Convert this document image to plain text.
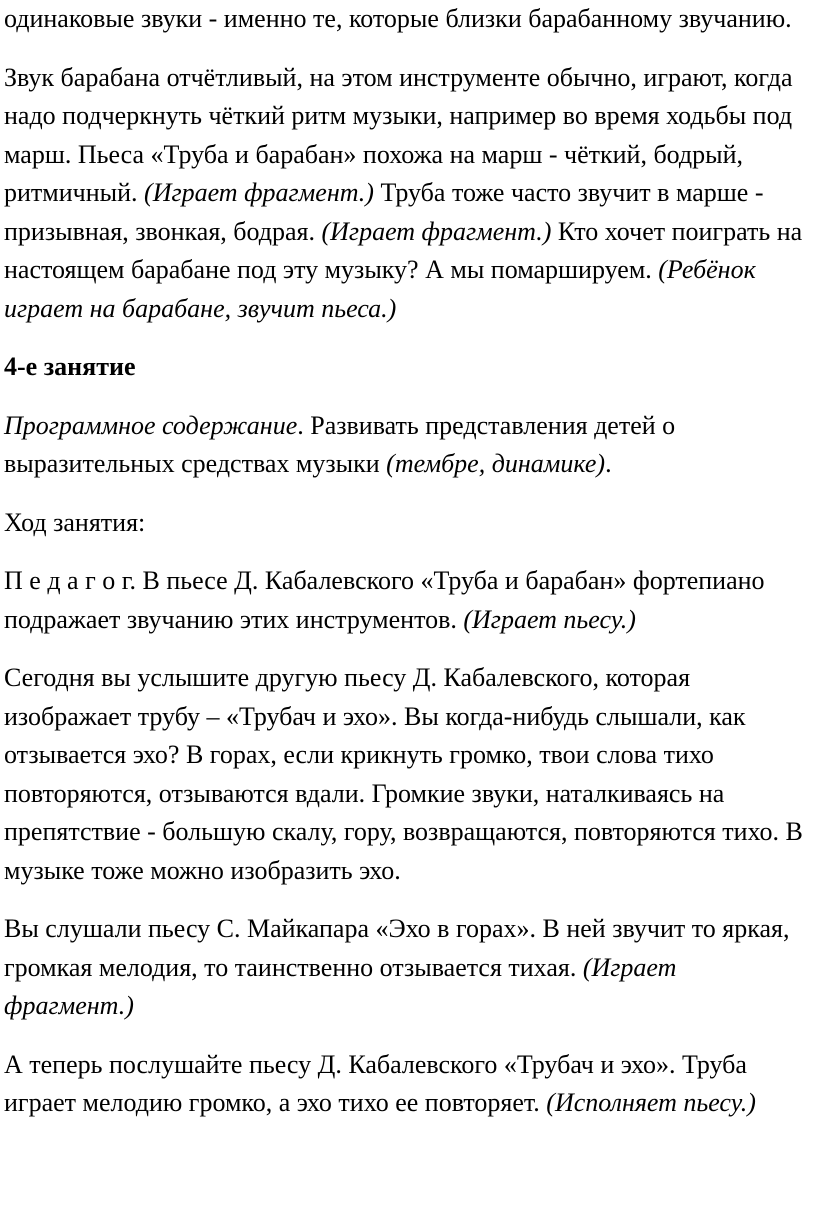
одинаковые звуки - именно те, которые близки барабанному звучанию.

Звук барабана отчётливый, на этом инструменте обычно, играют, когда надо подчеркнуть чёткий ритм музыки, например во время ходьбы под марш. Пьеса «Труба и барабан» похожа на марш - чёткий, бодрый, ритмичный. (Играет фрагмент.) Труба тоже часто звучит в марше - призывная, звонкая, бодрая. (Играет фрагмент.) Кто хочет поиграть на настоящем барабане под эту музыку? А мы помаршируем. (Ребёнок играет на барабане, звучит пьеса.)

4-е занятие

Программное содержание. Развивать представления детей о выразительных средствах музыки (тембре, динамике).

Ход занятия:

П е д а г о г. В пьесе Д. Кабалевского «Труба и барабан» фортепиано подражает звучанию этих инструментов. (Играет пьесу.)

Сегодня вы услышите другую пьесу Д. Кабалевского, которая изображает трубу – «Трубач и эхо». Вы когда-нибудь слышали, как отзывается эхо? В горах, если крикнуть громко, твои слова тихо повторяются, отзываются вдали. Громкие звуки, наталкиваясь на препятствие - большую скалу, гору, возвращаются, повторяются тихо. В музыке тоже можно изобразить эхо.

Вы слушали пьесу С. Майкапара «Эхо в горах». В ней звучит то яркая, громкая мелодия, то таинственно отзывается тихая. (Играет фрагмент.)

А теперь послушайте пьесу Д. Кабалевского «Трубач и эхо». Труба играет мелодию громко, а эхо тихо ее повторяет. (Исполняет пьесу.)
